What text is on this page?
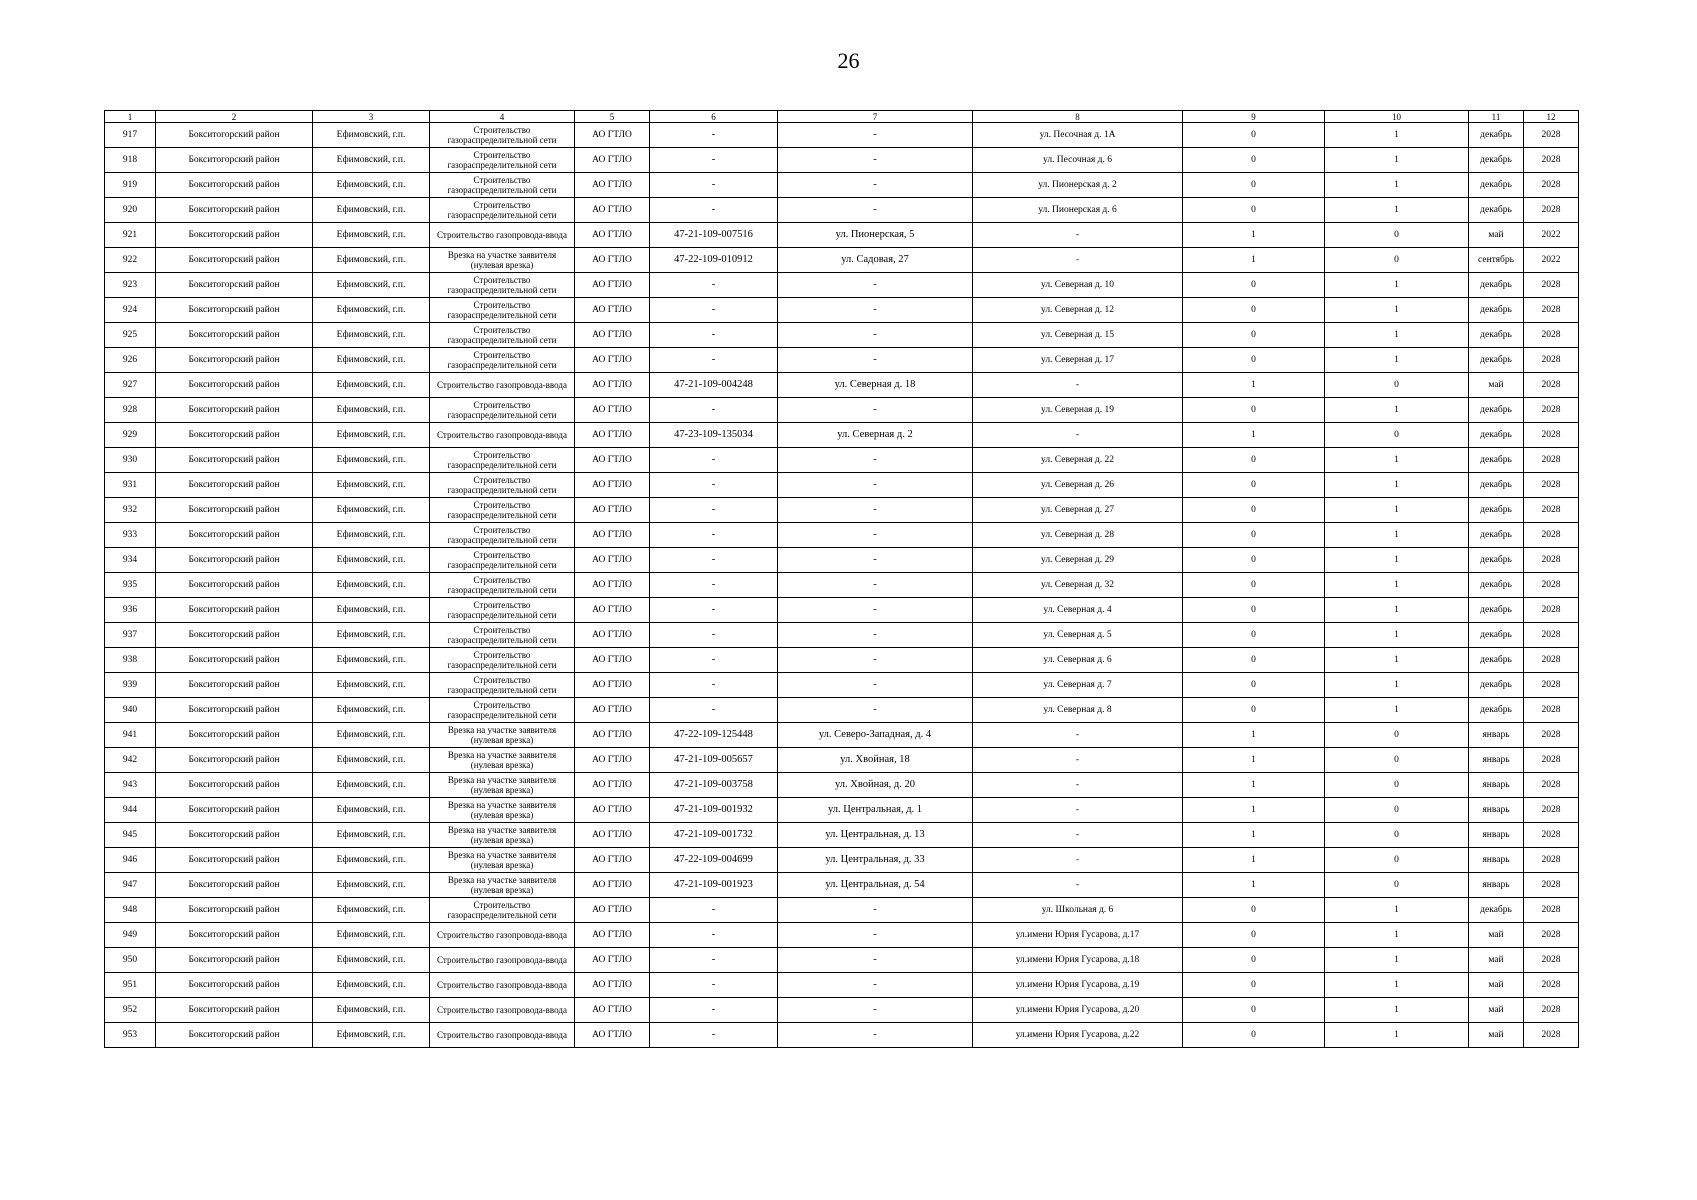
26
1	2	3	4	5	6	7	8	9	10	11	12
917	Бокситогорский район	Ефимовский, г.п.	Строительство газораспределительной сети	АО ГТЛО	-	-	ул. Песочная д. 1А	0	1	декабрь	2028
918	Бокситогорский район	Ефимовский, г.п.	Строительство газораспределительной сети	АО ГТЛО	-	-	ул. Песочная д. 6	0	1	декабрь	2028
919	Бокситогорский район	Ефимовский, г.п.	Строительство газораспределительной сети	АО ГТЛО	-	-	ул. Пионерская д. 2	0	1	декабрь	2028
920	Бокситогорский район	Ефимовский, г.п.	Строительство газораспределительной сети	АО ГТЛО	-	-	ул. Пионерская д. 6	0	1	декабрь	2028
921	Бокситогорский район	Ефимовский, г.п.	Строительство газопровода-ввода	АО ГТЛО	47-21-109-007516	ул. Пионерская, 5	-	1	0	май	2022
922	Бокситогорский район	Ефимовский, г.п.	Врезка на участке заявителя (нулевая врезка)	АО ГТЛО	47-22-109-010912	ул. Садовая, 27	-	1	0	сентябрь	2022
923	Бокситогорский район	Ефимовский, г.п.	Строительство газораспределительной сети	АО ГТЛО	-	-	ул. Северная д. 10	0	1	декабрь	2028
924	Бокситогорский район	Ефимовский, г.п.	Строительство газораспределительной сети	АО ГТЛО	-	-	ул. Северная д. 12	0	1	декабрь	2028
925	Бокситогорский район	Ефимовский, г.п.	Строительство газораспределительной сети	АО ГТЛО	-	-	ул. Северная д. 15	0	1	декабрь	2028
926	Бокситогорский район	Ефимовский, г.п.	Строительство газораспределительной сети	АО ГТЛО	-	-	ул. Северная д. 17	0	1	декабрь	2028
927	Бокситогорский район	Ефимовский, г.п.	Строительство газопровода-ввода	АО ГТЛО	47-21-109-004248	ул. Северная д. 18	-	1	0	май	2028
928	Бокситогорский район	Ефимовский, г.п.	Строительство газораспределительной сети	АО ГТЛО	-	-	ул. Северная д. 19	0	1	декабрь	2028
929	Бокситогорский район	Ефимовский, г.п.	Строительство газопровода-ввода	АО ГТЛО	47-23-109-135034	ул. Северная д. 2	-	1	0	декабрь	2028
930	Бокситогорский район	Ефимовский, г.п.	Строительство газораспределительной сети	АО ГТЛО	-	-	ул. Северная д. 22	0	1	декабрь	2028
931	Бокситогорский район	Ефимовский, г.п.	Строительство газораспределительной сети	АО ГТЛО	-	-	ул. Северная д. 26	0	1	декабрь	2028
932	Бокситогорский район	Ефимовский, г.п.	Строительство газораспределительной сети	АО ГТЛО	-	-	ул. Северная д. 27	0	1	декабрь	2028
933	Бокситогорский район	Ефимовский, г.п.	Строительство газораспределительной сети	АО ГТЛО	-	-	ул. Северная д. 28	0	1	декабрь	2028
934	Бокситогорский район	Ефимовский, г.п.	Строительство газораспределительной сети	АО ГТЛО	-	-	ул. Северная д. 29	0	1	декабрь	2028
935	Бокситогорский район	Ефимовский, г.п.	Строительство газораспределительной сети	АО ГТЛО	-	-	ул. Северная д. 32	0	1	декабрь	2028
936	Бокситогорский район	Ефимовский, г.п.	Строительство газораспределительной сети	АО ГТЛО	-	-	ул. Северная д. 4	0	1	декабрь	2028
937	Бокситогорский район	Ефимовский, г.п.	Строительство газораспределительной сети	АО ГТЛО	-	-	ул. Северная д. 5	0	1	декабрь	2028
938	Бокситогорский район	Ефимовский, г.п.	Строительство газораспределительной сети	АО ГТЛО	-	-	ул. Северная д. 6	0	1	декабрь	2028
939	Бокситогорский район	Ефимовский, г.п.	Строительство газораспределительной сети	АО ГТЛО	-	-	ул. Северная д. 7	0	1	декабрь	2028
940	Бокситогорский район	Ефимовский, г.п.	Строительство газораспределительной сети	АО ГТЛО	-	-	ул. Северная д. 8	0	1	декабрь	2028
941	Бокситогорский район	Ефимовский, г.п.	Врезка на участке заявителя (нулевая врезка)	АО ГТЛО	47-22-109-125448	ул. Северо-Западная, д. 4	-	1	0	январь	2028
942	Бокситогорский район	Ефимовский, г.п.	Врезка на участке заявителя (нулевая врезка)	АО ГТЛО	47-21-109-005657	ул. Хвойная, 18	-	1	0	январь	2028
943	Бокситогорский район	Ефимовский, г.п.	Врезка на участке заявителя (нулевая врезка)	АО ГТЛО	47-21-109-003758	ул. Хвойная, д. 20	-	1	0	январь	2028
944	Бокситогорский район	Ефимовский, г.п.	Врезка на участке заявителя (нулевая врезка)	АО ГТЛО	47-21-109-001932	ул. Центральная, д. 1	-	1	0	январь	2028
945	Бокситогорский район	Ефимовский, г.п.	Врезка на участке заявителя (нулевая врезка)	АО ГТЛО	47-21-109-001732	ул. Центральная, д. 13	-	1	0	январь	2028
946	Бокситогорский район	Ефимовский, г.п.	Врезка на участке заявителя (нулевая врезка)	АО ГТЛО	47-22-109-004699	ул. Центральная, д. 33	-	1	0	январь	2028
947	Бокситогорский район	Ефимовский, г.п.	Врезка на участке заявителя (нулевая врезка)	АО ГТЛО	47-21-109-001923	ул. Центральная, д. 54	-	1	0	январь	2028
948	Бокситогорский район	Ефимовский, г.п.	Строительство газораспределительной сети	АО ГТЛО	-	-	ул. Школьная д. 6	0	1	декабрь	2028
949	Бокситогорский район	Ефимовский, г.п.	Строительство газопровода-ввода	АО ГТЛО	-	-	ул.имени Юрия Гусарова, д.17	0	1	май	2028
950	Бокситогорский район	Ефимовский, г.п.	Строительство газопровода-ввода	АО ГТЛО	-	-	ул.имени Юрия Гусарова, д.18	0	1	май	2028
951	Бокситогорский район	Ефимовский, г.п.	Строительство газопровода-ввода	АО ГТЛО	-	-	ул.имени Юрия Гусарова, д.19	0	1	май	2028
952	Бокситогорский район	Ефимовский, г.п.	Строительство газопровода-ввода	АО ГТЛО	-	-	ул.имени Юрия Гусарова, д.20	0	1	май	2028
953	Бокситогорский район	Ефимовский, г.п.	Строительство газопровода-ввода	АО ГТЛО	-	-	ул.имени Юрия Гусарова, д.22	0	1	май	2028
